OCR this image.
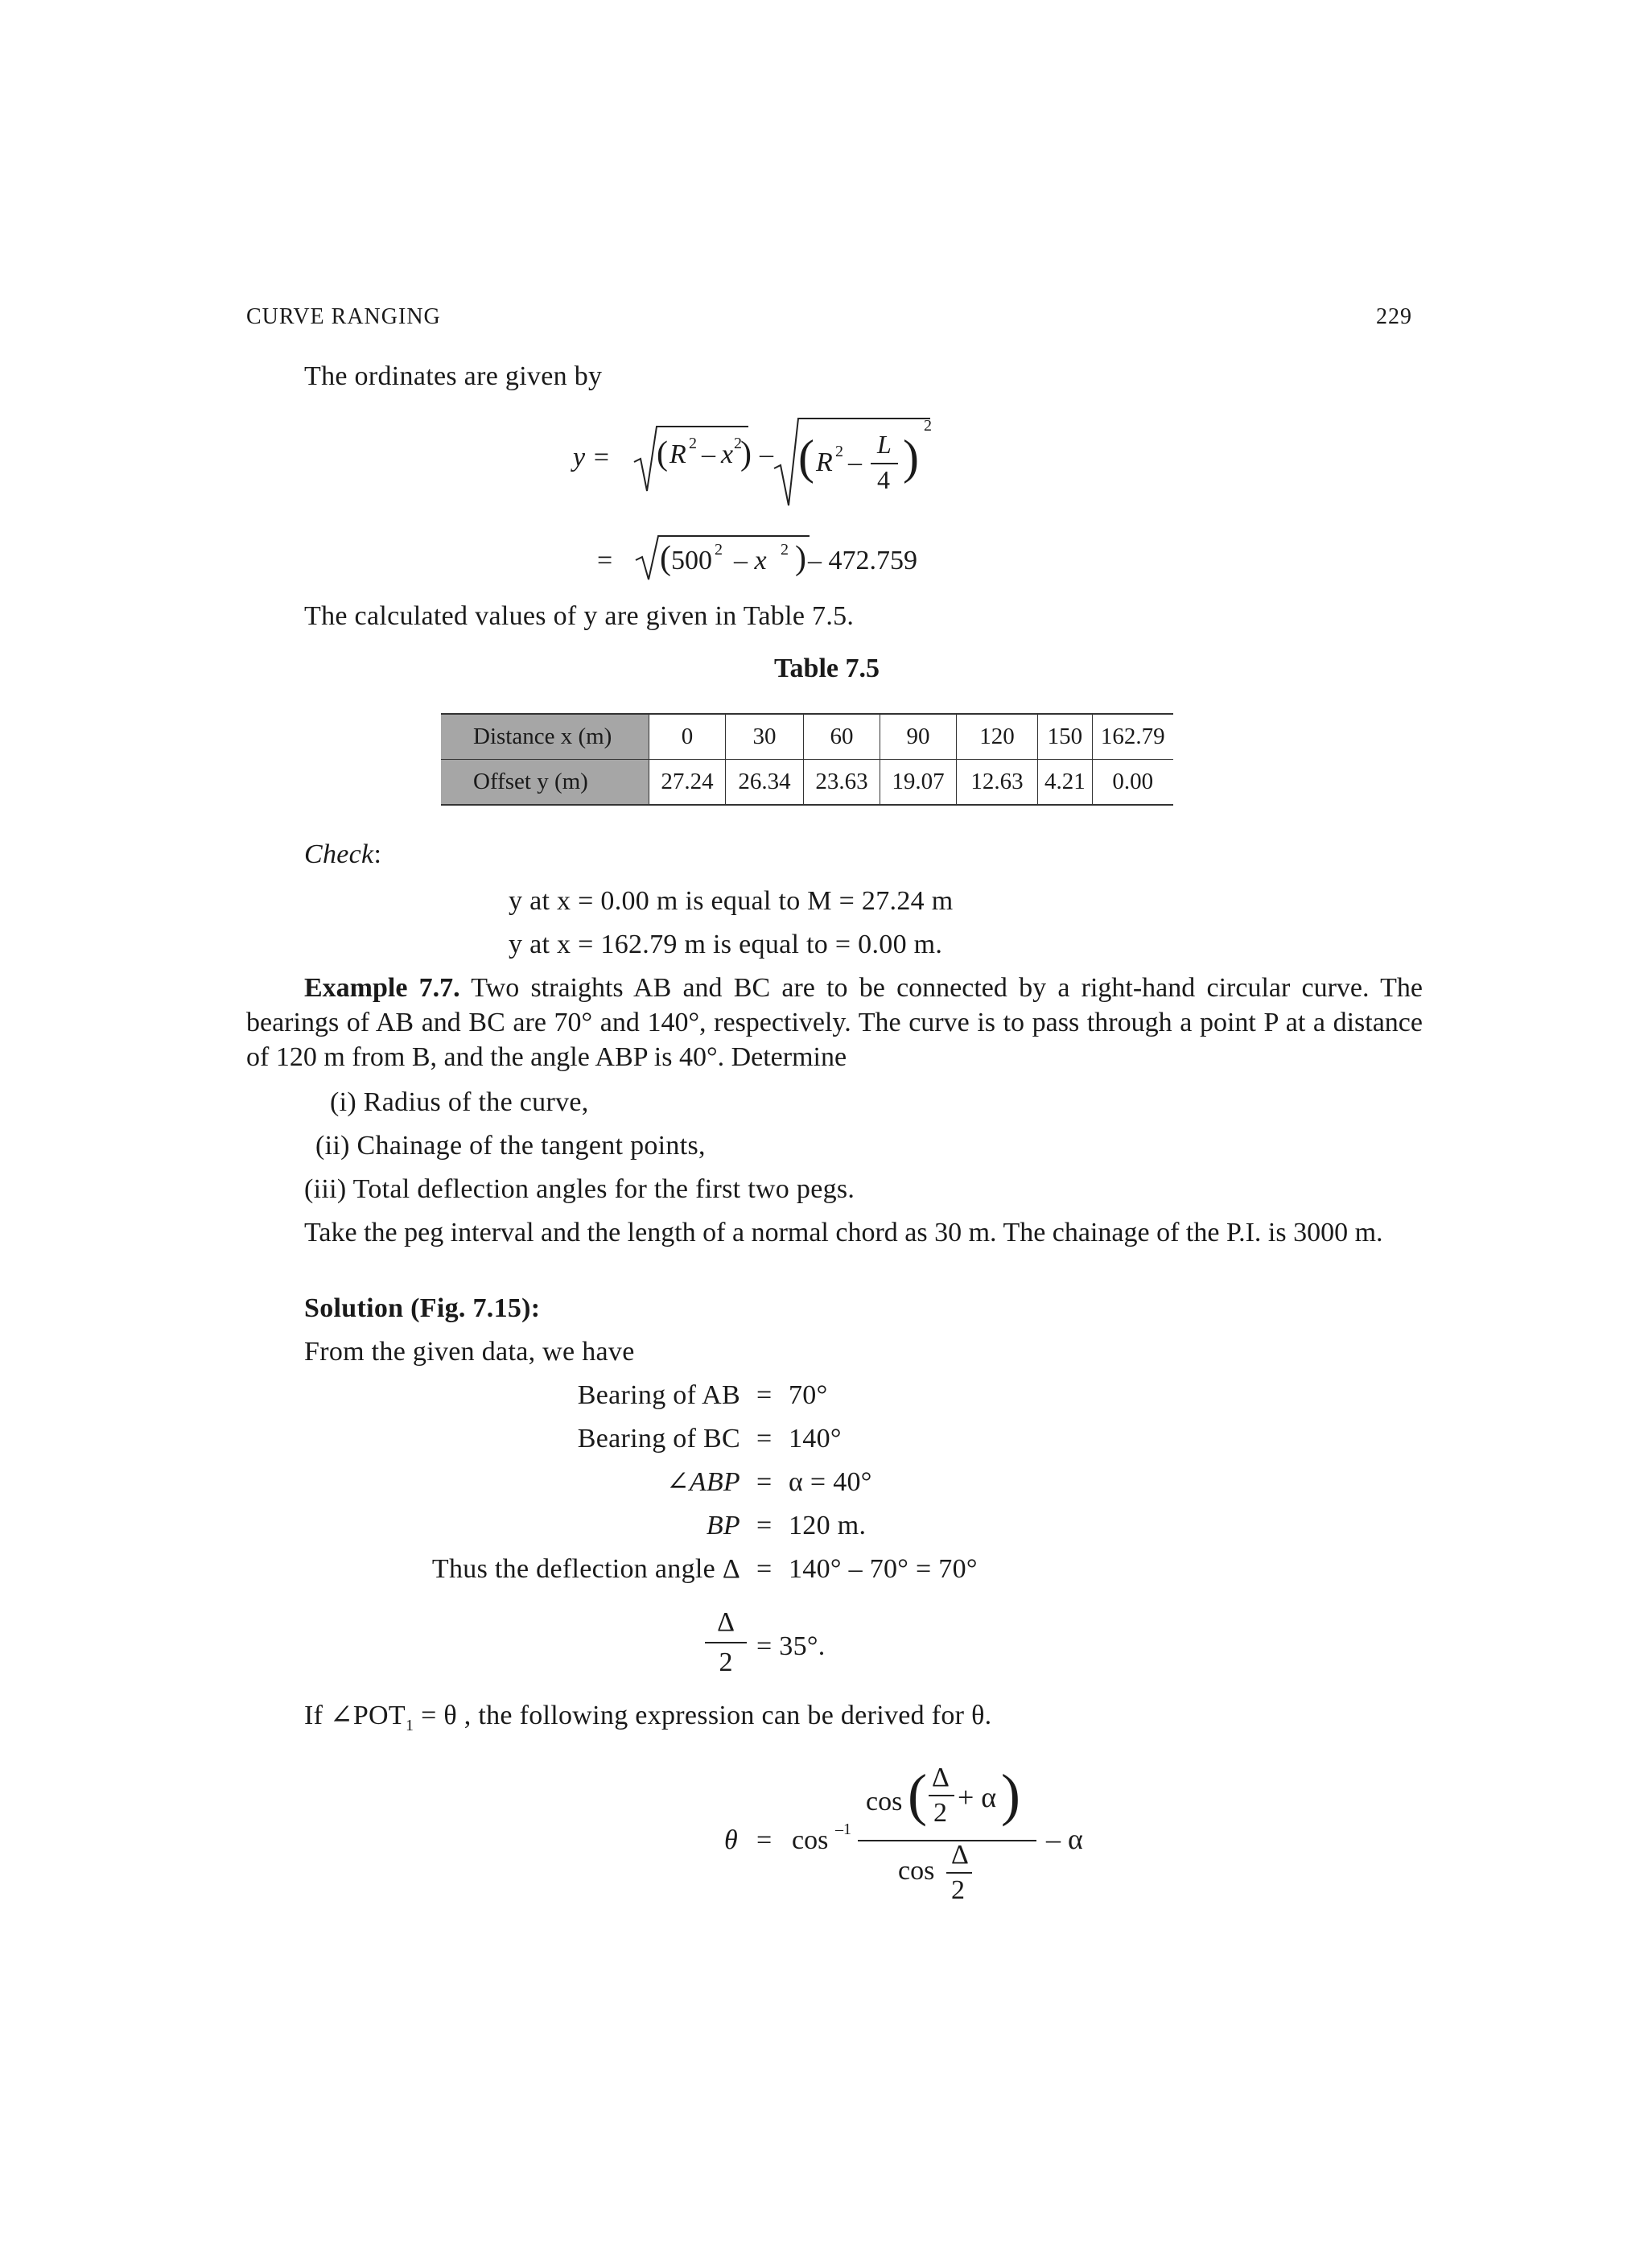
CURVE RANGING	229
The ordinates are given by
y = ( R 2 – x 2
) – ( R 2 –
L
4 )
2
= ( 500 2 – x 2 ) – 472.759
The calculated values of y are given in Table 7.5.
Table 7.5
Distance x (m)	0	30	60	90	120	150	162.79
Offset y (m)	27.24	26.34	23.63	19.07	12.63	4.21	0.00
Check:
y at x = 0.00 m is equal to M = 27.24 m
y at x = 162.79 m is equal to = 0.00 m.
Example 7.7. Two straights AB and BC are to be connected by a right-hand circular curve. The bearings of AB and BC are 70° and 140°, respectively. The curve is to pass through a point P at a distance of 120 m from B, and the angle ABP is 40°. Determine
(i) Radius of the curve,
(ii) Chainage of the tangent points,
(iii) Total deflection angles for the first two pegs.
Take the peg interval and the length of a normal chord as 30 m. The chainage of the P.I. is 3000 m.
Solution (Fig. 7.15):
From the given data, we have
Bearing of AB = 70°
Bearing of BC = 140°
∠ABP = α = 40°
BP = 120 m.
Thus the deflection angle Δ = 140° – 70° = 70°
Δ
2
= 35°.
If $\angle POT_1 = \theta$ , the following expression can be derived for θ.
θ = cos –1
cos ( Δ
2 + α )
cos
Δ
2
– α
